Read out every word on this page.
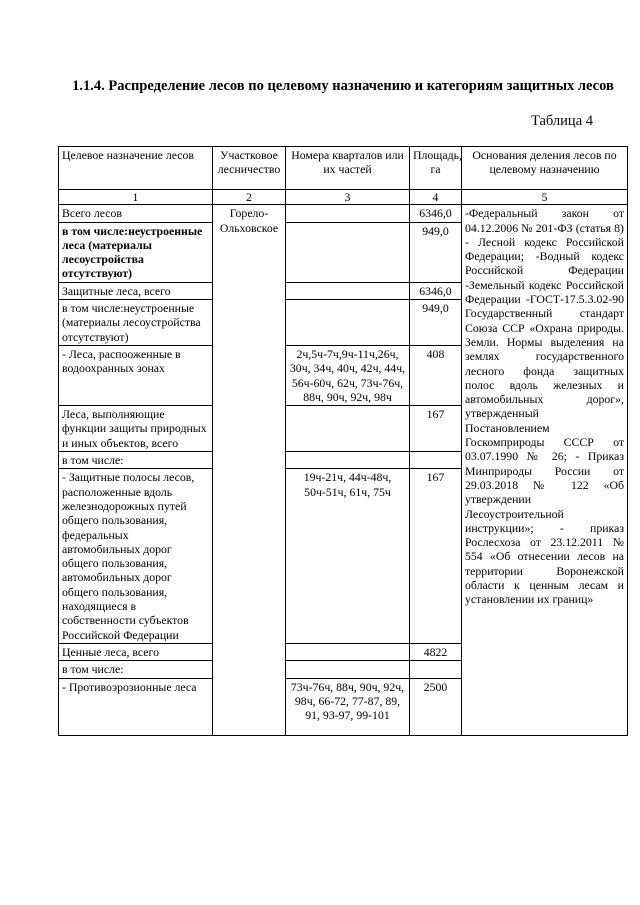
1.1.4. Распределение лесов по целевому назначению и категориям защитных лесов
Таблица 4
Целевое назначение лесов	Участковое лесничество	Номера кварталов или их частей	Площадь, га	Основания деления лесов по целевому назначению
1	2	3	4	5
Всего лесов	Горело-Ольховское		6346,0	-Федеральный закон от 04.12.2006 № 201-ФЗ (статья 8) - Лесной кодекс Российской Федерации; -Водный кодекс Российской Федерации -Земельный кодекс Российской Федерации -ГОСТ-17.5.3.02-90 Государственный стандарт Союза ССР «Охрана природы. Земли. Нормы выделения на землях государственного лесного фонда защитных полос вдоль железных и автомобильных дорог», утвержденный Постановлением Госкомприроды СССР от 03.07.1990 № 26; - Приказ Минприроды России от 29.03.2018 № 122 «Об утверждении Лесоустроительной инструкции»; - приказ Рослесхоза от 23.12.2011 № 554 «Об отнесении лесов на территории Воронежской области к ценным лесам и установлении их границ»
в том числе:неустроенные леса (материалы лесоустройства отсутствуют)			949,0	
Защитные леса, всего			6346,0	
в том числе:неустроенные (материалы лесоустройства отсутствуют)			949,0	
- Леса, распооженные в водоохранных зонах		2ч,5ч-7ч,9ч-11ч,26ч, 30ч, 34ч, 40ч, 42ч, 44ч, 56ч-60ч, 62ч, 73ч-76ч, 88ч, 90ч, 92ч, 98ч	408	
Леса, выполняющие функции защиты природных и иных объектов, всего			167	
в том числе:				
- Защитные полосы лесов, расположенные вдоль железнодорожных путей общего пользования, федеральных автомобильных дорог общего пользования, автомобильных дорог общего пользования, находящиеся в собственности субъектов Российской Федерации		19ч-21ч, 44ч-48ч, 50ч-51ч, 61ч, 75ч	167	
Ценные леса, всего			4822	
в том числе:				
- Противоэрозионные леса		73ч-76ч, 88ч, 90ч, 92ч, 98ч, 66-72, 77-87, 89, 91, 93-97, 99-101	2500	
